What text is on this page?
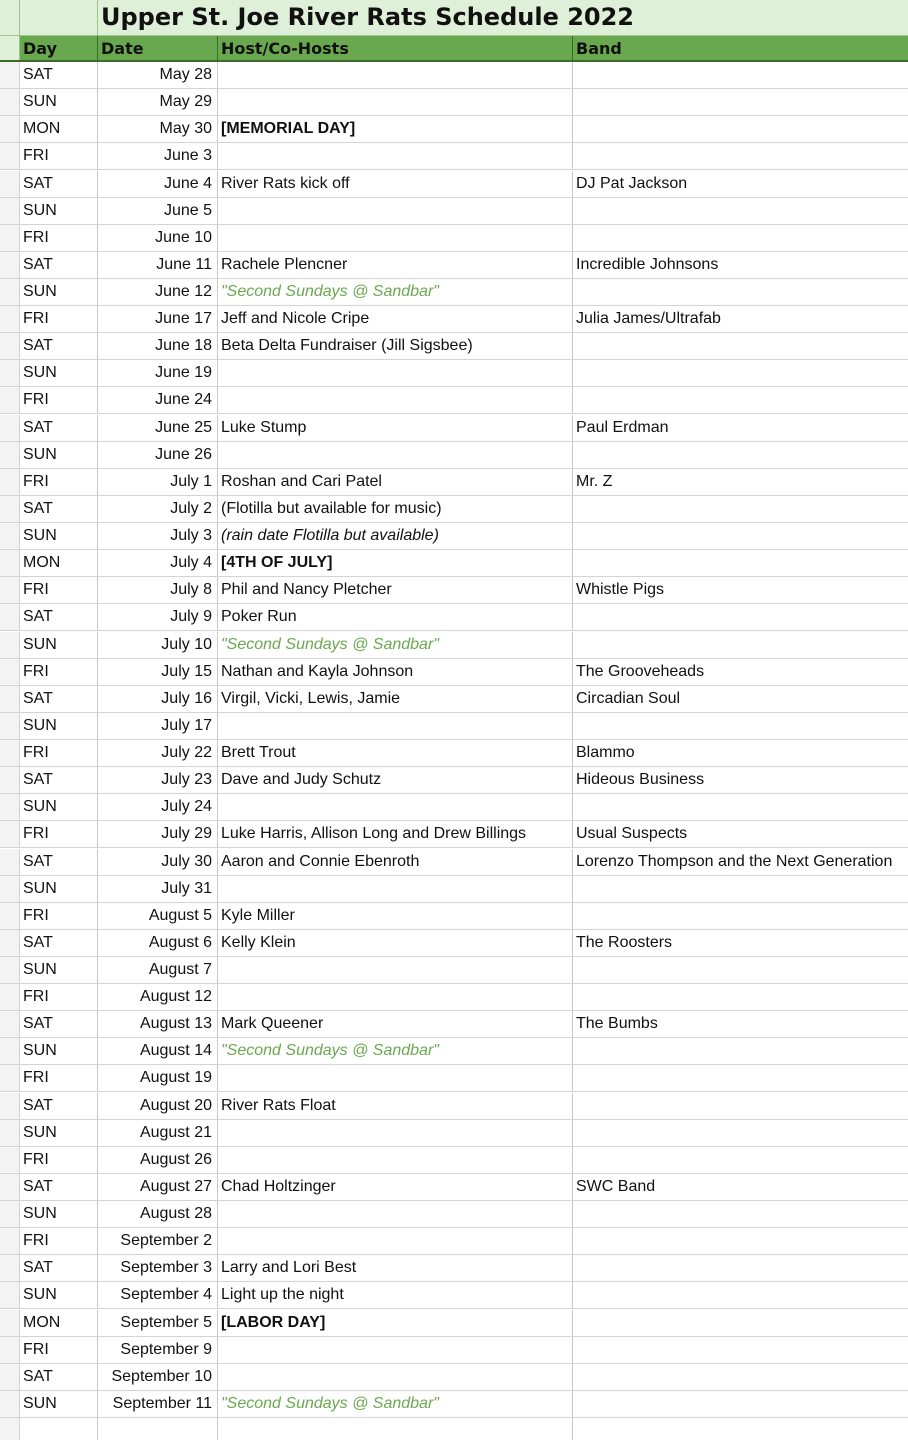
Upper St. Joe River Rats Schedule 2022
Day	Date	Host/Co-Hosts	Band
SAT	May 28
SUN	May 29
MON	May 30 [MEMORIAL DAY]
FRI	June 3
SAT	June 4 River Rats kick off	DJ Pat Jackson
SUN	June 5
FRI	June 10
SAT	June 11 Rachele Plencner	Incredible Johnsons
SUN	June 12 "Second Sundays @ Sandbar"
FRI	June 17 Jeff and Nicole Cripe	Julia James/Ultrafab
SAT	June 18 Beta Delta Fundraiser (Jill Sigsbee)
SUN	June 19
FRI	June 24
SAT	June 25 Luke Stump	Paul Erdman
SUN	June 26
FRI	July 1 Roshan and Cari Patel	Mr. Z
SAT	July 2 (Flotilla but available for music)
SUN	July 3 (rain date Flotilla but available)
MON	July 4 [4TH OF JULY]
FRI	July 8 Phil and Nancy Pletcher	Whistle Pigs
SAT	July 9 Poker Run
SUN	July 10 "Second Sundays @ Sandbar"
FRI	July 15 Nathan and Kayla Johnson	The Grooveheads
SAT	July 16 Virgil, Vicki, Lewis, Jamie	Circadian Soul
SUN	July 17
FRI	July 22 Brett Trout	Blammo
SAT	July 23 Dave and Judy Schutz	Hideous Business
SUN	July 24
FRI	July 29 Luke Harris, Allison Long and Drew Billings	Usual Suspects
SAT	July 30 Aaron and Connie Ebenroth	Lorenzo Thompson and the Next Generation
SUN	July 31
FRI	August 5 Kyle Miller
SAT	August 6 Kelly Klein	The Roosters
SUN	August 7
FRI	August 12
SAT	August 13 Mark Queener	The Bumbs
SUN	August 14 "Second Sundays @ Sandbar"
FRI	August 19
SAT	August 20 River Rats Float
SUN	August 21
FRI	August 26
SAT	August 27 Chad Holtzinger	SWC Band
SUN	August 28
FRI	September 2
SAT	September 3 Larry and Lori Best
SUN	September 4 Light up the night
MON	September 5 [LABOR DAY]
FRI	September 9
SAT	September 10
SUN	September 11 "Second Sundays @ Sandbar"
